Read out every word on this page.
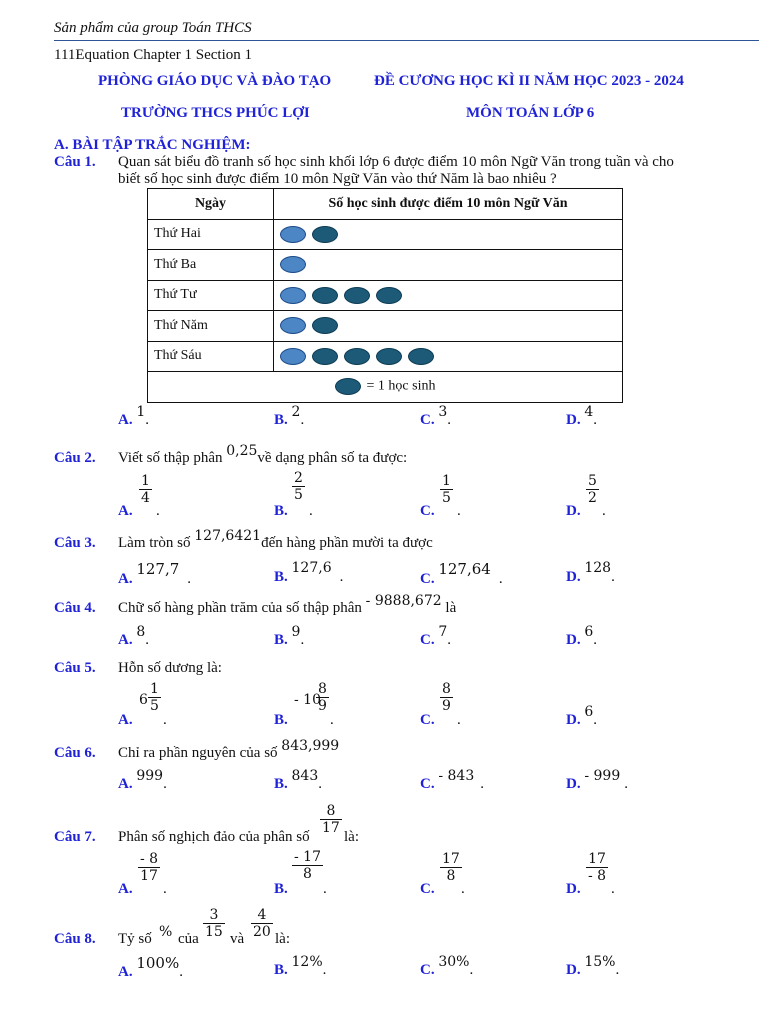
Sản phẩm của group Toán THCS
111Equation Chapter 1 Section 1
PHÒNG GIÁO DỤC VÀ ĐÀO TẠO	ĐỀ CƯƠNG HỌC KÌ II NĂM HỌC 2023 - 2024
TRƯỜNG THCS PHÚC LỢI	MÔN TOÁN LỚP 6
A. BÀI TẬP TRẮC NGHIỆM:
Câu 1. Quan sát biểu đồ tranh số học sinh khối lớp 6 được điểm 10 môn Ngữ Văn trong tuần và cho
biết số học sinh được điểm 10 môn Ngữ Văn vào thứ Năm là bao nhiêu ?
Ngày	Số học sinh được điểm 10 môn Ngữ Văn
Thứ Hai	
Thứ Ba	
Thứ Tư	
Thứ Năm	
Thứ Sáu	
= 1 học sinh	
A. 1.	B. 2.	C. 3.	D. 4.
Câu 2. Viết số thập phân 0,25về dạng phân số ta được:
A.
$\frac{1}{4}$
.	B.
$\frac{2}{5}$
.	C.
$\frac{1}{5}$
.	D.
$\frac{5}{2}$
.
Câu 3. Làm tròn số 127,6421đến hàng phần mười ta được
A. 127,7.	B. 127,6.	C. 127,64.	D. 128.
Câu 4. Chữ số hàng phần trăm của số thập phân - 9888,672 là
A. 8.	B. 9.	C. 7.	D. 6.
Câu 5. Hỗn số dương là:
A.
$6 \frac{1}{5}$
.	B.
- 10
$\frac{8}{9}$
.	C.
$\frac{8}{9}$
.	D. 6.
Câu 6. Chỉ ra phần nguyên của số 843,999
A. 999.	B. 843.	C. - 843 .	D. - 999 .
Câu 7. Phân số nghịch đảo của phân số
$\frac{8}{17}$
là:
A.
$\frac{- 8}{17}$
.	B.
$\frac{- 17}{8}$
.	C.
$\frac{17}{8}$
.	D.
$\frac{17}{- 8}$
.
Câu 8. Tỷ số % của $\frac{3}{15}$ và $\frac{4}{20}$ là:
A. 100%.	B. 12%.	C. 30%.	D. 15%.
